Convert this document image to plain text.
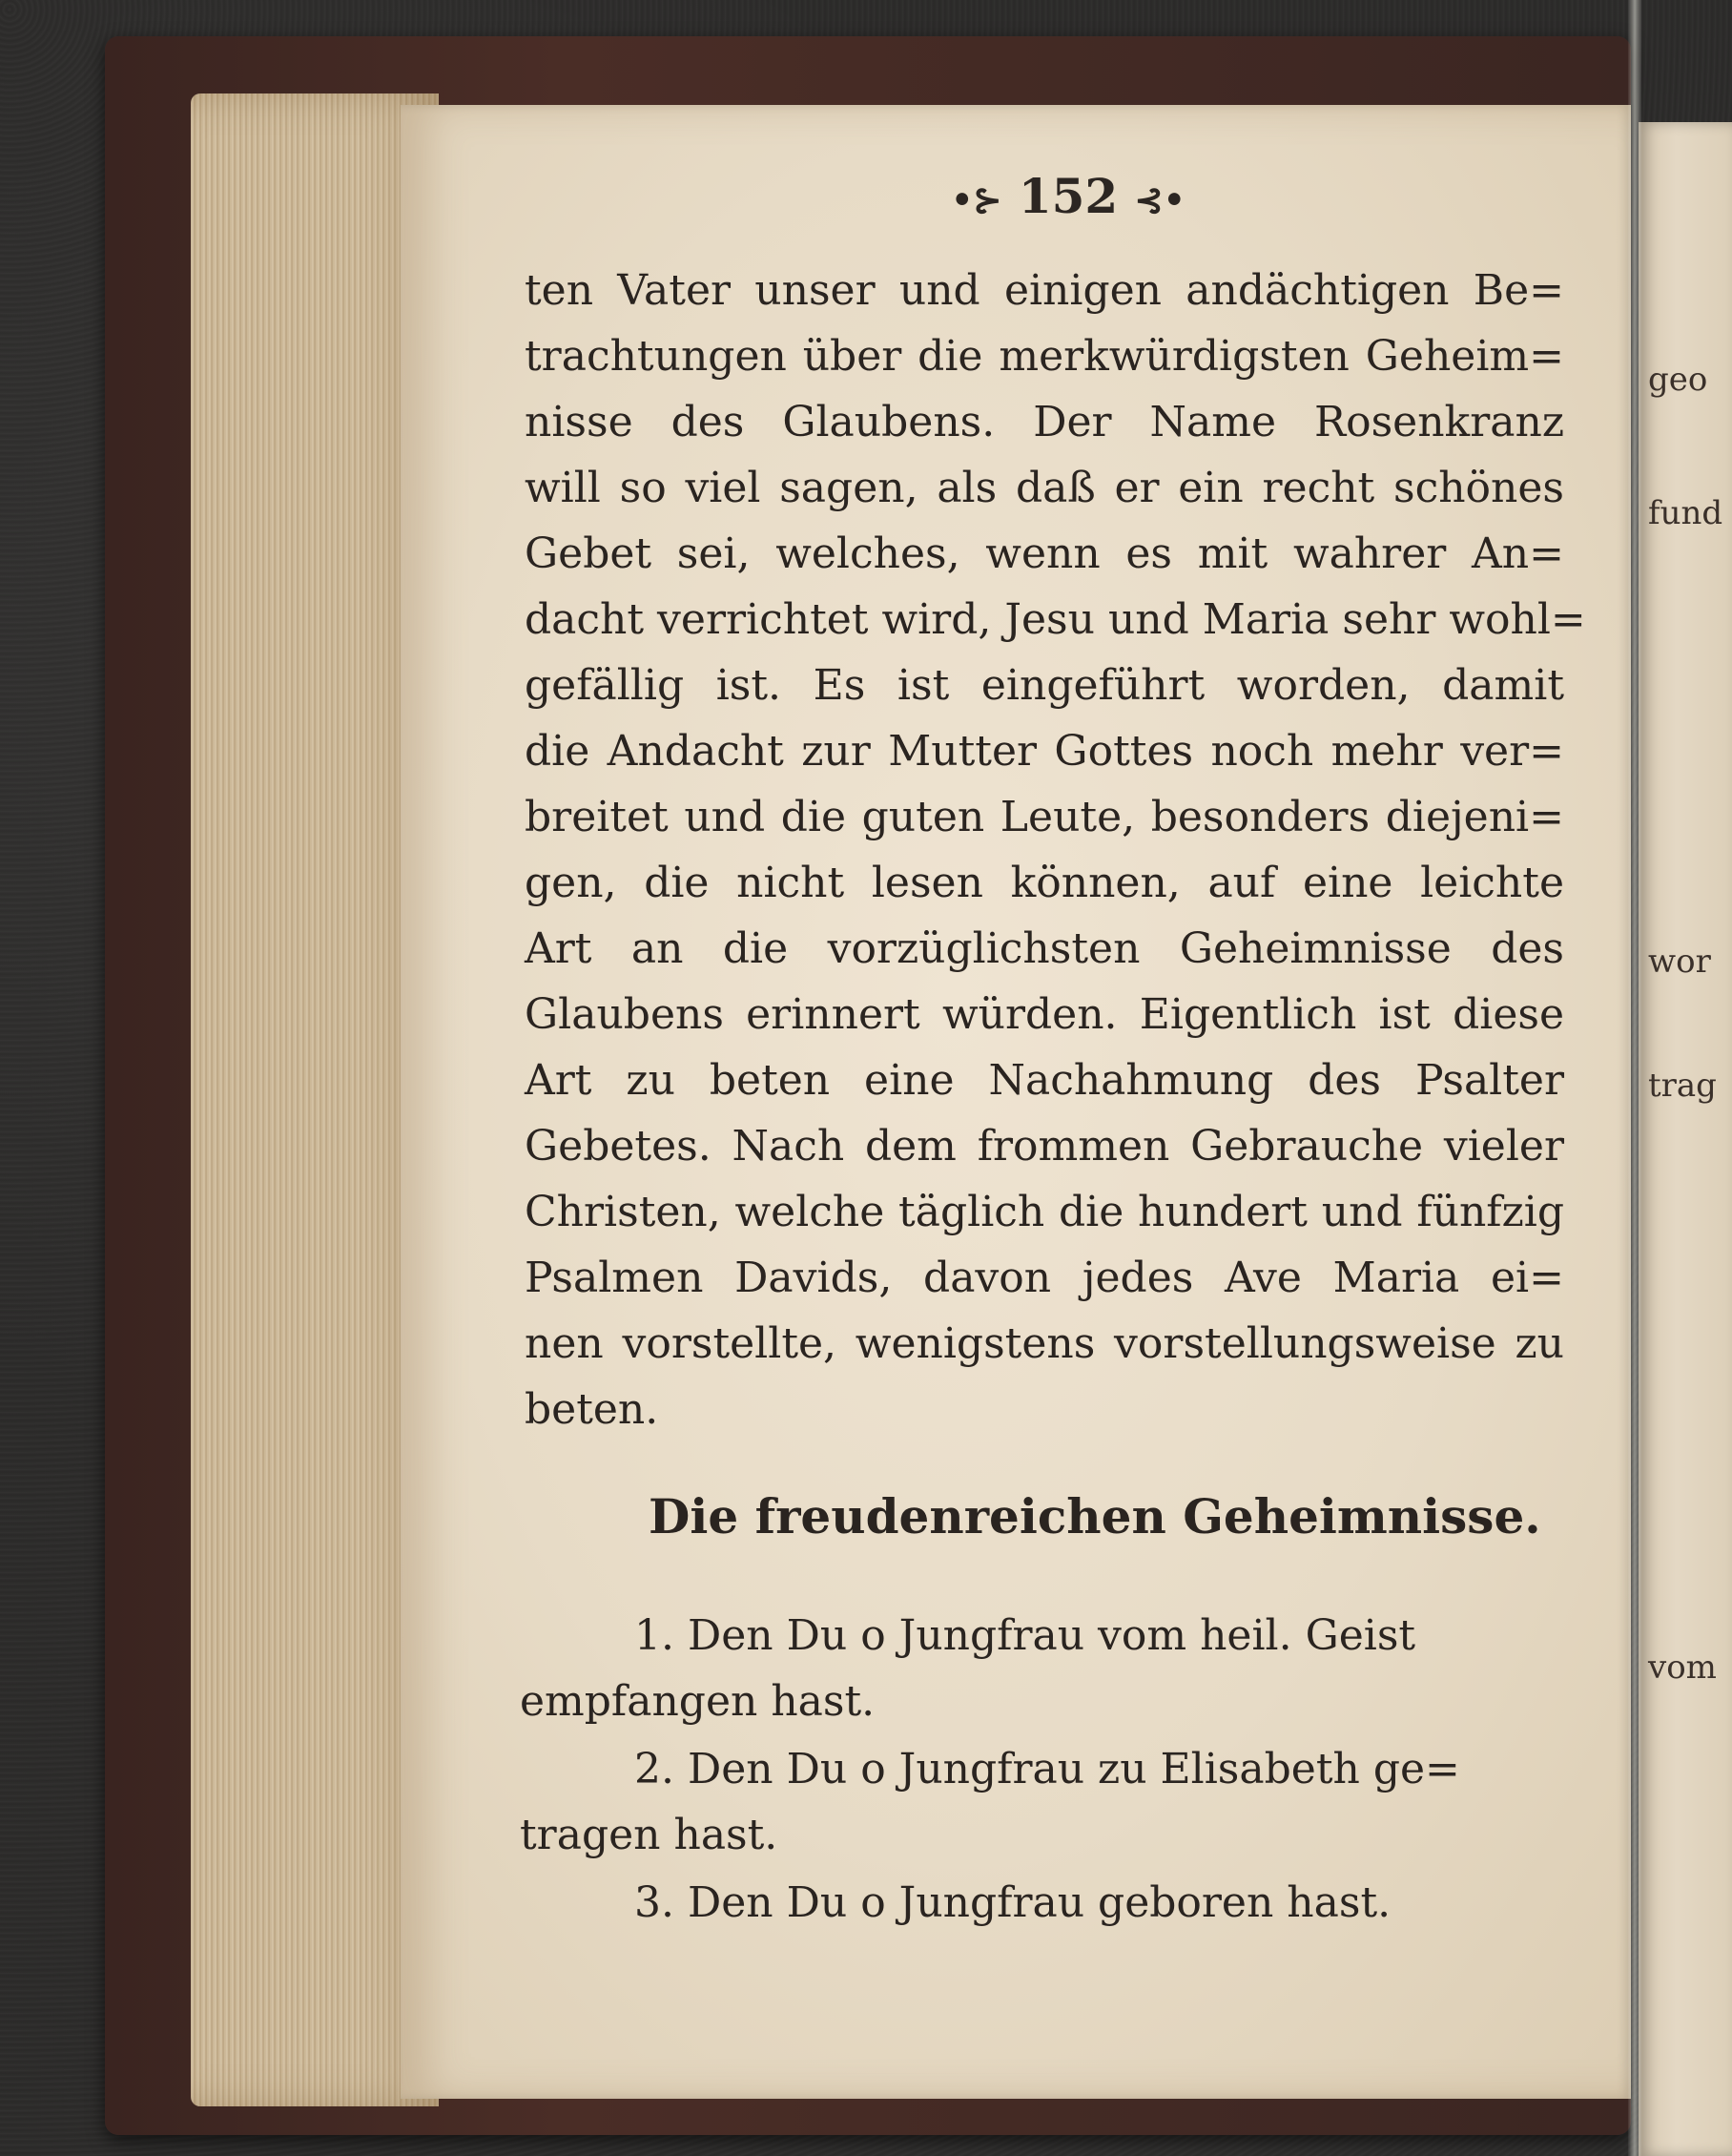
•⊱ 152 ⊰•
ten Vater unser und einigen andächtigen Be=
trachtungen über die merkwürdigsten Geheim=
nisse des Glaubens. Der Name Rosenkranz
will so viel sagen, als daß er ein recht schönes
Gebet sei, welches, wenn es mit wahrer An=
dacht verrichtet wird, Jesu und Maria sehr wohl=
gefällig ist. Es ist eingeführt worden, damit
die Andacht zur Mutter Gottes noch mehr ver=
breitet und die guten Leute, besonders diejeni=
gen, die nicht lesen können, auf eine leichte
Art an die vorzüglichsten Geheimnisse des
Glaubens erinnert würden. Eigentlich ist diese
Art zu beten eine Nachahmung des Psalter
Gebetes. Nach dem frommen Gebrauche vieler
Christen, welche täglich die hundert und fünfzig
Psalmen Davids, davon jedes Ave Maria ei=
nen vorstellte, wenigstens vorstellungsweise zu
beten.
Die freudenreichen Geheimnisse.
1. Den Du o Jungfrau vom heil. Geist
empfangen hast.
2. Den Du o Jungfrau zu Elisabeth ge=
tragen hast.
3. Den Du o Jungfrau geboren hast.
geo
fund
wor
trag
vom
